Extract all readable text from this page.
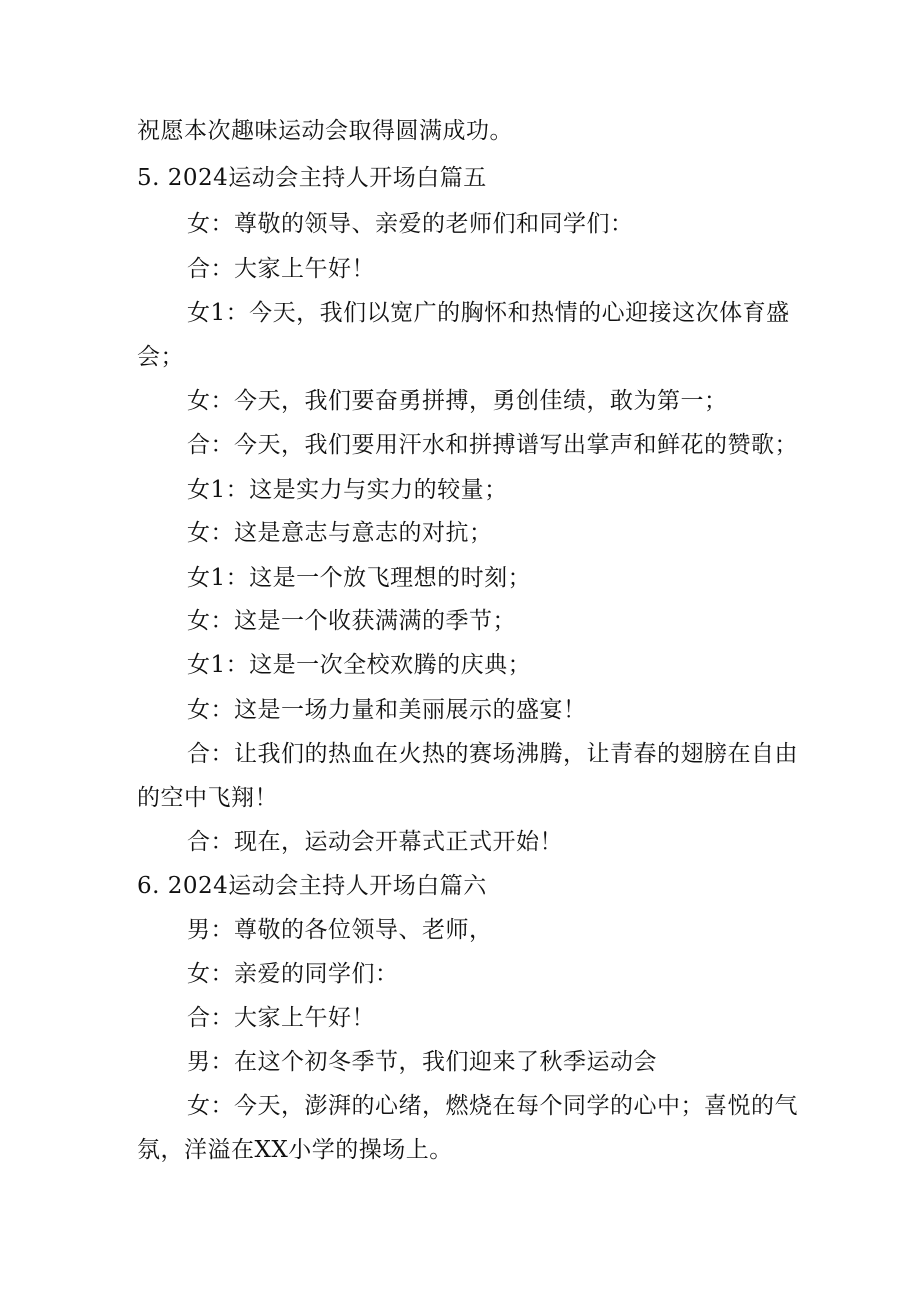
祝愿本次趣味运动会取得圆满成功。
5. 2024运动会主持人开场白篇五
女：尊敬的领导、亲爱的老师们和同学们：
合：大家上午好！
女1：今天，我们以宽广的胸怀和热情的心迎接这次体育盛
会；
女：今天，我们要奋勇拼搏，勇创佳绩，敢为第一；
合：今天，我们要用汗水和拼搏谱写出掌声和鲜花的赞歌；
女1：这是实力与实力的较量；
女：这是意志与意志的对抗；
女1：这是一个放飞理想的时刻；
女：这是一个收获满满的季节；
女1：这是一次全校欢腾的庆典；
女：这是一场力量和美丽展示的盛宴！
合：让我们的热血在火热的赛场沸腾，让青春的翅膀在自由
的空中飞翔！
合：现在，运动会开幕式正式开始！
6. 2024运动会主持人开场白篇六
男：尊敬的各位领导、老师，
女：亲爱的同学们：
合：大家上午好！
男：在这个初冬季节，我们迎来了秋季运动会
女：今天，澎湃的心绪，燃烧在每个同学的心中；喜悦的气
氛，洋溢在XX小学的操场上。
